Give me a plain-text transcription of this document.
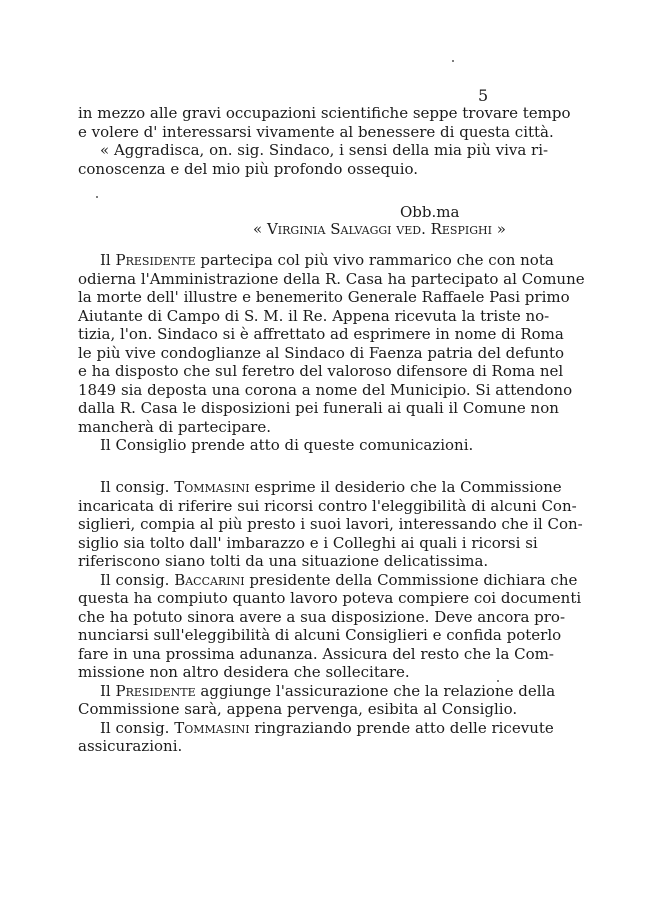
5
in mezzo alle gravi occupazioni scientifiche seppe trovare tempo
e volere d' interessarsi vivamente al benessere di questa città.
« Aggradisca, on. sig. Sindaco, i sensi della mia più viva ri-
conoscenza e del mio più profondo ossequio.
Obb.ma
« Virginia Salvaggi ved. Respighi »
Il Presidente partecipa col più vivo rammarico che con nota
odierna l'Amministrazione della R. Casa ha partecipato al Comune
la morte dell' illustre e benemerito Generale Raffaele Pasi primo
Aiutante di Campo di S. M. il Re. Appena ricevuta la triste no-
tizia, l'on. Sindaco si è affrettato ad esprimere in nome di Roma
le più vive condoglianze al Sindaco di Faenza patria del defunto
e ha disposto che sul feretro del valoroso difensore di Roma nel
1849 sia deposta una corona a nome del Municipio. Si attendono
dalla R. Casa le disposizioni pei funerali ai quali il Comune non
mancherà di partecipare.
Il Consiglio prende atto di queste comunicazioni.
Il consig. Tommasini esprime il desiderio che la Commissione
incaricata di riferire sui ricorsi contro l'eleggibilità di alcuni Con-
siglieri, compia al più presto i suoi lavori, interessando che il Con-
siglio sia tolto dall' imbarazzo e i Colleghi ai quali i ricorsi si
riferiscono siano tolti da una situazione delicatissima.
Il consig. Baccarini presidente della Commissione dichiara che
questa ha compiuto quanto lavoro poteva compiere coi documenti
che ha potuto sinora avere a sua disposizione. Deve ancora pro-
nunciarsi sull'eleggibilità di alcuni Consiglieri e confida poterlo
fare in una prossima adunanza. Assicura del resto che la Com-
missione non altro desidera che sollecitare.
Il Presidente aggiunge l'assicurazione che la relazione della
Commissione sarà, appena pervenga, esibita al Consiglio.
Il consig. Tommasini ringraziando prende atto delle ricevute
assicurazioni.
